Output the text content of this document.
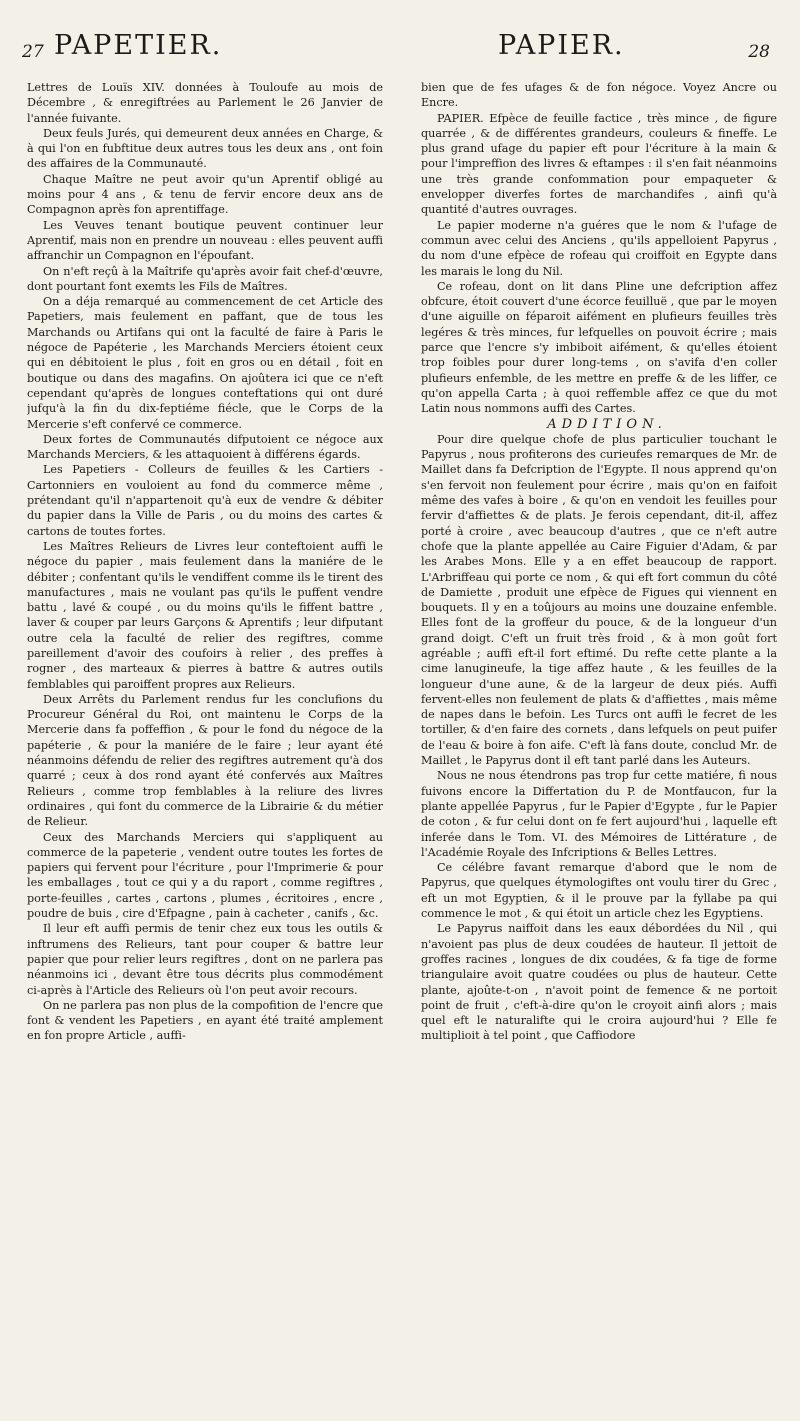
27 PAPETIER.	PAPIER.	28

Lettres de Louïs XIV. données à Touloufe au mois de Décembre , & enregiftrées au Parlement le 26 Janvier de l'année fuivante.

Deux feuls Jurés, qui demeurent deux années en Charge, & à qui l'on en fubftitue deux autres tous les deux ans , ont foin des affaires de la Communauté.

Chaque Maître ne peut avoir qu'un Aprentif obligé au moins pour 4 ans , & tenu de fervir encore deux ans de Compagnon après fon aprentiffage.

Les Veuves tenant boutique peuvent continuer leur Aprentif, mais non en prendre un nouveau : elles peuvent auffi affranchir un Compagnon en l'époufant.

On n'eft reçû à la Maîtrife qu'après avoir fait chef-d'œuvre, dont pourtant font exemts les Fils de Maîtres.

On a déja remarqué au commencement de cet Article des Papetiers, mais feulement en paffant, que de tous les Marchands ou Artifans qui ont la faculté de faire à Paris le négoce de Papéterie , les Marchands Merciers étoient ceux qui en débitoient le plus , foit en gros ou en détail , foit en boutique ou dans des magafins. On ajoûtera ici que ce n'eft cependant qu'après de longues conteftations qui ont duré jufqu'à la fin du dix-feptiéme fiécle, que le Corps de la Mercerie s'eft confervé ce commerce.

Deux fortes de Communautés difputoient ce négoce aux Marchands Merciers, & les attaquoient à différens égards.

Les Papetiers - Colleurs de feuilles & les Cartiers - Cartonniers en vouloient au fond du commerce même , prétendant qu'il n'appartenoit qu'à eux de vendre & débiter du papier dans la Ville de Paris , ou du moins des cartes & cartons de toutes fortes.

Les Maîtres Relieurs de Livres leur conteftoient auffi le négoce du papier , mais feulement dans la maniére de le débiter ; confentant qu'ils le vendiffent comme ils le tirent des manufactures , mais ne voulant pas qu'ils le puffent vendre battu , lavé & coupé , ou du moins qu'ils le fiffent battre , laver & couper par leurs Garçons & Aprentifs ; leur difputant outre cela la faculté de relier des regiftres, comme pareillement d'avoir des coufoirs à relier , des preffes à rogner , des marteaux & pierres à battre & autres outils femblables qui paroiffent propres aux Relieurs.

Deux Arrêts du Parlement rendus fur les conclufions du Procureur Général du Roi, ont maintenu le Corps de la Mercerie dans fa poffeffion , & pour le fond du négoce de la papéterie , & pour la maniére de le faire ; leur ayant été néanmoins défendu de relier des regiftres autrement qu'à dos quarré ; ceux à dos rond ayant été confervés aux Maîtres Relieurs , comme trop femblables à la reliure des livres ordinaires , qui font du commerce de la Librairie & du métier de Relieur.

Ceux des Marchands Merciers qui s'appliquent au commerce de la papeterie , vendent outre toutes les fortes de papiers qui fervent pour l'écriture , pour l'Imprimerie & pour les emballages , tout ce qui y a du raport , comme regiftres , porte-feuilles , cartes , cartons , plumes , écritoires , encre , poudre de buis , cire d'Efpagne , pain à cacheter , canifs , &c.

Il leur eft auffi permis de tenir chez eux tous les outils & inftrumens des Relieurs, tant pour couper & battre leur papier que pour relier leurs regiftres , dont on ne parlera pas néanmoins ici , devant être tous décrits plus commodément ci-après à l'Article des Relieurs où l'on peut avoir recours.

On ne parlera pas non plus de la compofition de l'encre que font & vendent les Papetiers , en ayant été traité amplement en fon propre Article , auffi-

bien que de fes ufages & de fon négoce. Voyez Ancre ou Encre.

PAPIER. Efpèce de feuille factice , très mince , de figure quarrée , & de différentes grandeurs, couleurs & fineffe. Le plus grand ufage du papier eft pour l'écriture à la main & pour l'impreffion des livres & eftampes : il s'en fait néanmoins une très grande confommation pour empaqueter & envelopper diverfes fortes de marchandifes , ainfi qu'à quantité d'autres ouvrages.

Le papier moderne n'a guéres que le nom & l'ufage de commun avec celui des Anciens , qu'ils appelloient Papyrus , du nom d'une efpèce de rofeau qui croiffoit en Egypte dans les marais le long du Nil.

Ce rofeau, dont on lit dans Pline une defcription affez obfcure, étoit couvert d'une écorce feuilluë , que par le moyen d'une aiguille on féparoit aifément en plufieurs feuilles très legéres & très minces, fur lefquelles on pouvoit écrire ; mais parce que l'encre s'y imbiboit aifément, & qu'elles étoient trop foibles pour durer long-tems , on s'avifa d'en coller plufieurs enfemble, de les mettre en preffe & de les liffer, ce qu'on appella Carta ; à quoi reffemble affez ce que du mot Latin nous nommons auffi des Cartes.

ADDITION.

Pour dire quelque chofe de plus particulier touchant le Papyrus , nous profiterons des curieufes remarques de Mr. de Maillet dans fa Defcription de l'Egypte. Il nous apprend qu'on s'en fervoit non feulement pour écrire , mais qu'on en faifoit même des vafes à boire , & qu'on en vendoit les feuilles pour fervir d'affiettes & de plats. Je ferois cependant, dit-il, affez porté à croire , avec beaucoup d'autres , que ce n'eft autre chofe que la plante appellée au Caire Figuier d'Adam, & par les Arabes Mons. Elle y a en effet beaucoup de rapport. L'Arbriffeau qui porte ce nom , & qui eft fort commun du côté de Damiette , produit une efpèce de Figues qui viennent en bouquets. Il y en a toûjours au moins une douzaine enfemble. Elles font de la groffeur du pouce, & de la longueur d'un grand doigt. C'eft un fruit très froid , & à mon goût fort agréable ; auffi eft-il fort eftimé. Du refte cette plante a la cime lanugineufe, la tige affez haute , & les feuilles de la longueur d'une aune, & de la largeur de deux piés. Auffi fervent-elles non feulement de plats & d'affiettes , mais même de napes dans le befoin. Les Turcs ont auffi le fecret de les tortiller, & d'en faire des cornets , dans lefquels on peut puifer de l'eau & boire à fon aife. C'eft là fans doute, conclud Mr. de Maillet , le Papyrus dont il eft tant parlé dans les Auteurs.

Nous ne nous étendrons pas trop fur cette matiére, fi nous fuivons encore la Differtation du P. de Montfaucon, fur la plante appellée Papyrus , fur le Papier d'Egypte , fur le Papier de coton , & fur celui dont on fe fert aujourd'hui , laquelle eft inferée dans le Tom. VI. des Mémoires de Littérature , de l'Académie Royale des Infcriptions & Belles Lettres.

Ce célébre favant remarque d'abord que le nom de Papyrus, que quelques étymologiftes ont voulu tirer du Grec , eft un mot Egyptien, & il le prouve par la fyllabe pa qui commence le mot , & qui étoit un article chez les Egyptiens.

Le Papyrus naiffoit dans les eaux débordées du Nil , qui n'avoient pas plus de deux coudées de hauteur. Il jettoit de groffes racines , longues de dix coudées, & fa tige de forme triangulaire avoit quatre coudées ou plus de hauteur. Cette plante, ajoûte-t-on , n'avoit point de femence & ne portoit point de fruit , c'eft-à-dire qu'on le croyoit ainfi alors ; mais quel eft le naturalifte qui le croira aujourd'hui ? Elle fe multiplioit à tel point , que Caffiodore
